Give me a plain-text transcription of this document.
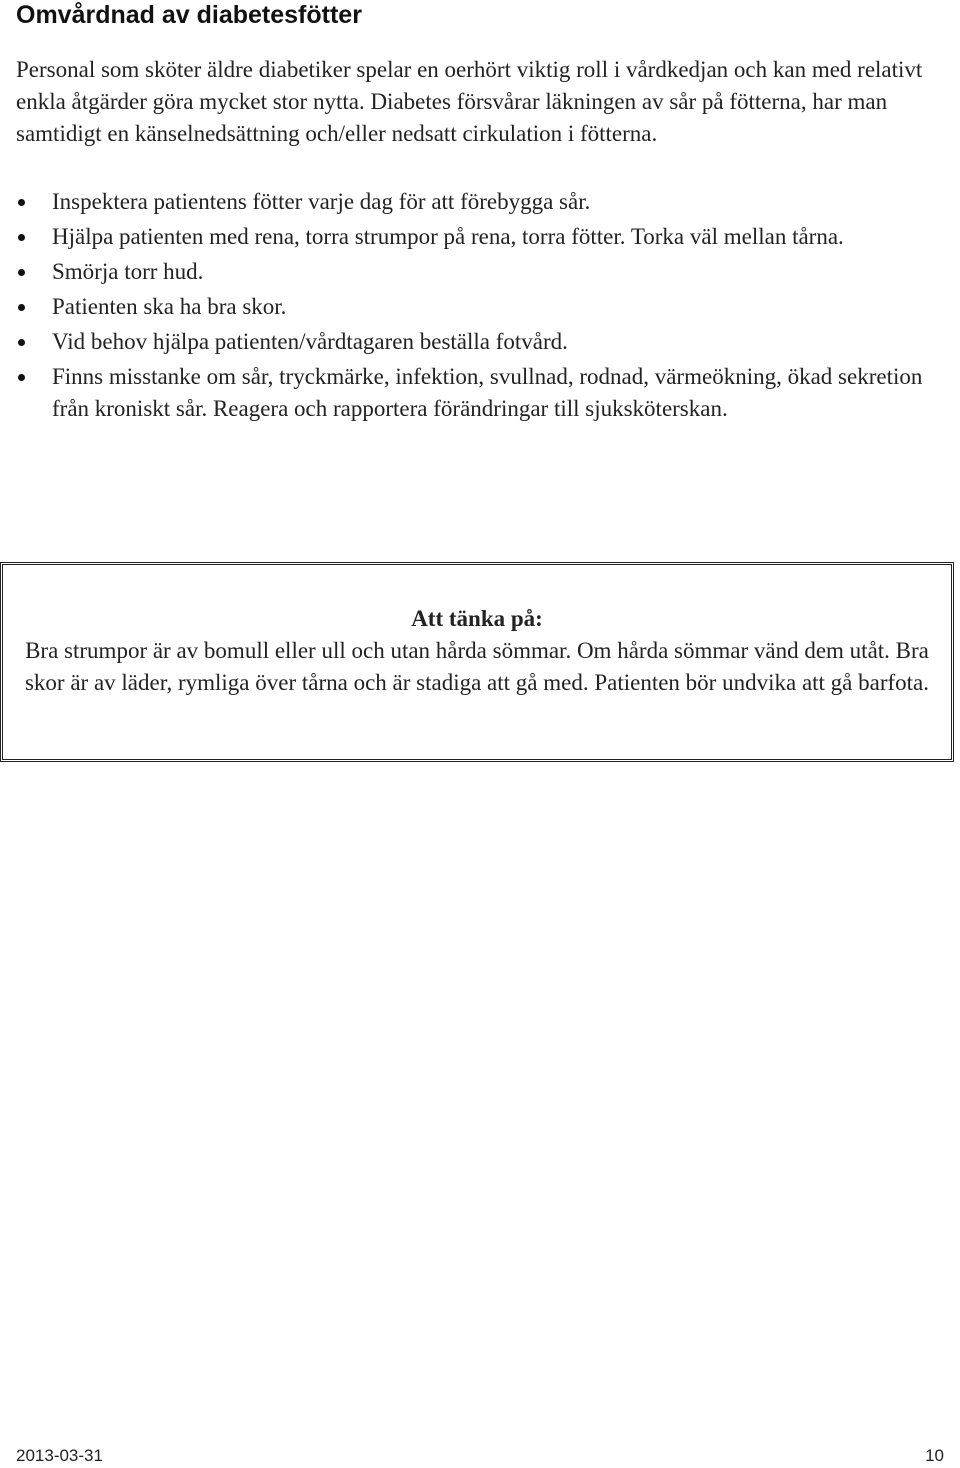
Omvårdnad av diabetesfötter

Personal som sköter äldre diabetiker spelar en oerhört viktig roll i vårdkedjan och kan med relativt enkla åtgärder göra mycket stor nytta. Diabetes försvårar läkningen av sår på fötterna, har man samtidigt en känselnedsättning och/eller nedsatt cirkulation i fötterna.

Inspektera patientens fötter varje dag för att förebygga sår.
Hjälpa patienten med rena, torra strumpor på rena, torra fötter. Torka väl mellan tårna.
Smörja torr hud.
Patienten ska ha bra skor.
Vid behov hjälpa patienten/vårdtagaren beställa fotvård.
Finns misstanke om sår, tryckmärke, infektion, svullnad, rodnad, värmeökning, ökad sekretion från kroniskt sår. Reagera och rapportera förändringar till sjuksköterskan.
Att tänka på:
Bra strumpor är av bomull eller ull och utan hårda sömmar. Om hårda sömmar vänd dem utåt. Bra skor är av läder, rymliga över tårna och är stadiga att gå med. Patienten bör undvika att gå barfota.
2013-03-31	10
